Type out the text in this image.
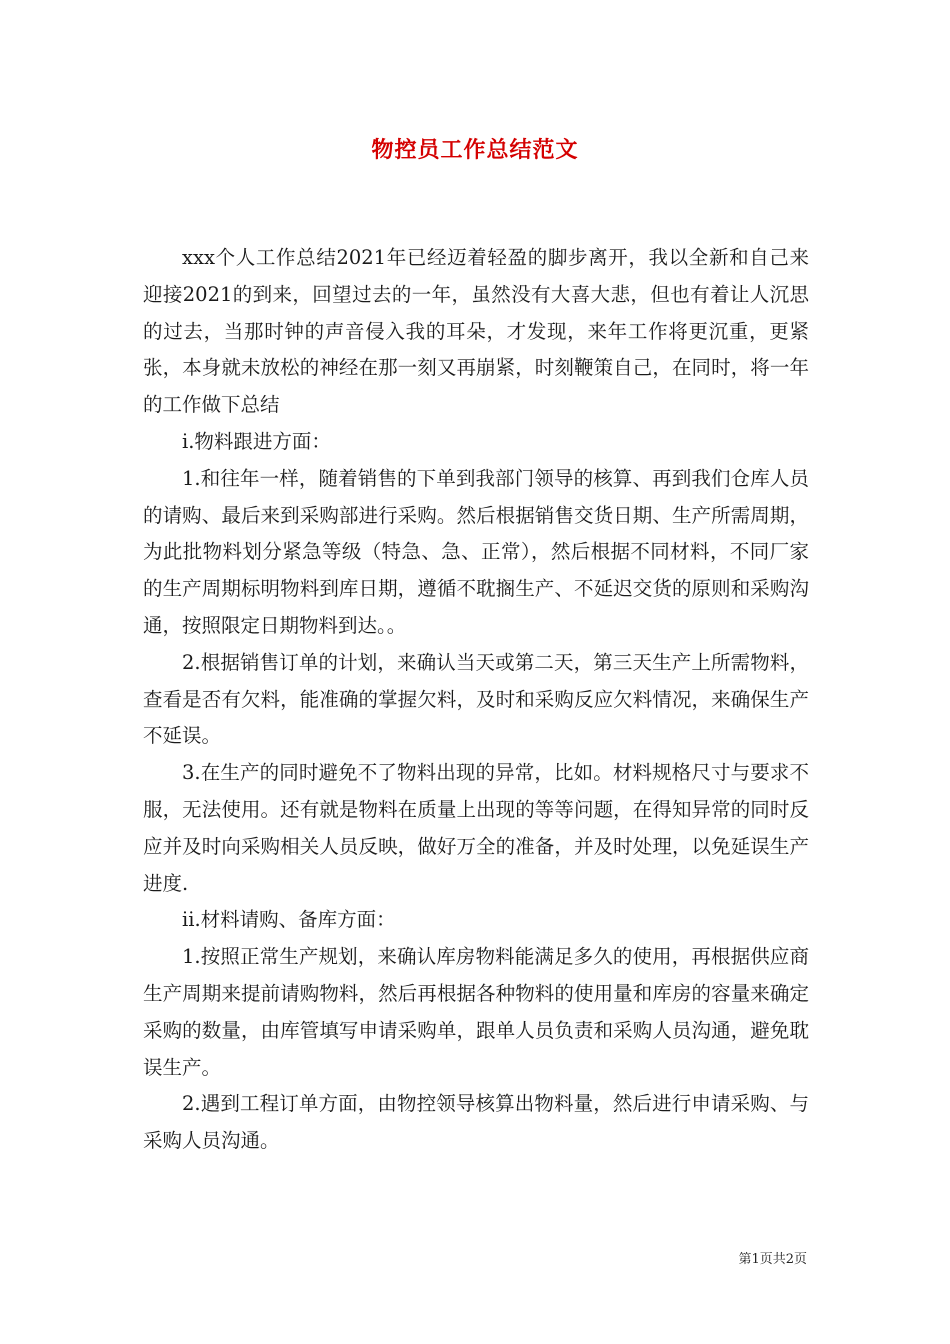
物控员工作总结范文

xxx个人工作总结2021年已经迈着轻盈的脚步离开，我以全新和自己来迎接2021的到来，回望过去的一年，虽然没有大喜大悲，但也有着让人沉思的过去，当那时钟的声音侵入我的耳朵，才发现，来年工作将更沉重，更紧张，本身就未放松的神经在那一刻又再崩紧，时刻鞭策自己，在同时，将一年的工作做下总结

i.物料跟进方面：

1.和往年一样，随着销售的下单到我部门领导的核算、再到我们仓库人员的请购、最后来到采购部进行采购。然后根据销售交货日期、生产所需周期，为此批物料划分紧急等级（特急、急、正常），然后根据不同材料，不同厂家的生产周期标明物料到库日期，遵循不耽搁生产、不延迟交货的原则和采购沟通，按照限定日期物料到达。。

2.根据销售订单的计划，来确认当天或第二天，第三天生产上所需物料，查看是否有欠料，能准确的掌握欠料，及时和采购反应欠料情况，来确保生产不延误。

3.在生产的同时避免不了物料出现的异常，比如。材料规格尺寸与要求不服，无法使用。还有就是物料在质量上出现的等等问题，在得知异常的同时反应并及时向采购相关人员反映，做好万全的准备，并及时处理，以免延误生产进度.

ii.材料请购、备库方面：

1.按照正常生产规划，来确认库房物料能满足多久的使用，再根据供应商生产周期来提前请购物料，然后再根据各种物料的使用量和库房的容量来确定采购的数量，由库管填写申请采购单，跟单人员负责和采购人员沟通，避免耽误生产。

2.遇到工程订单方面，由物控领导核算出物料量，然后进行申请采购、与采购人员沟通。

第1页共2页
